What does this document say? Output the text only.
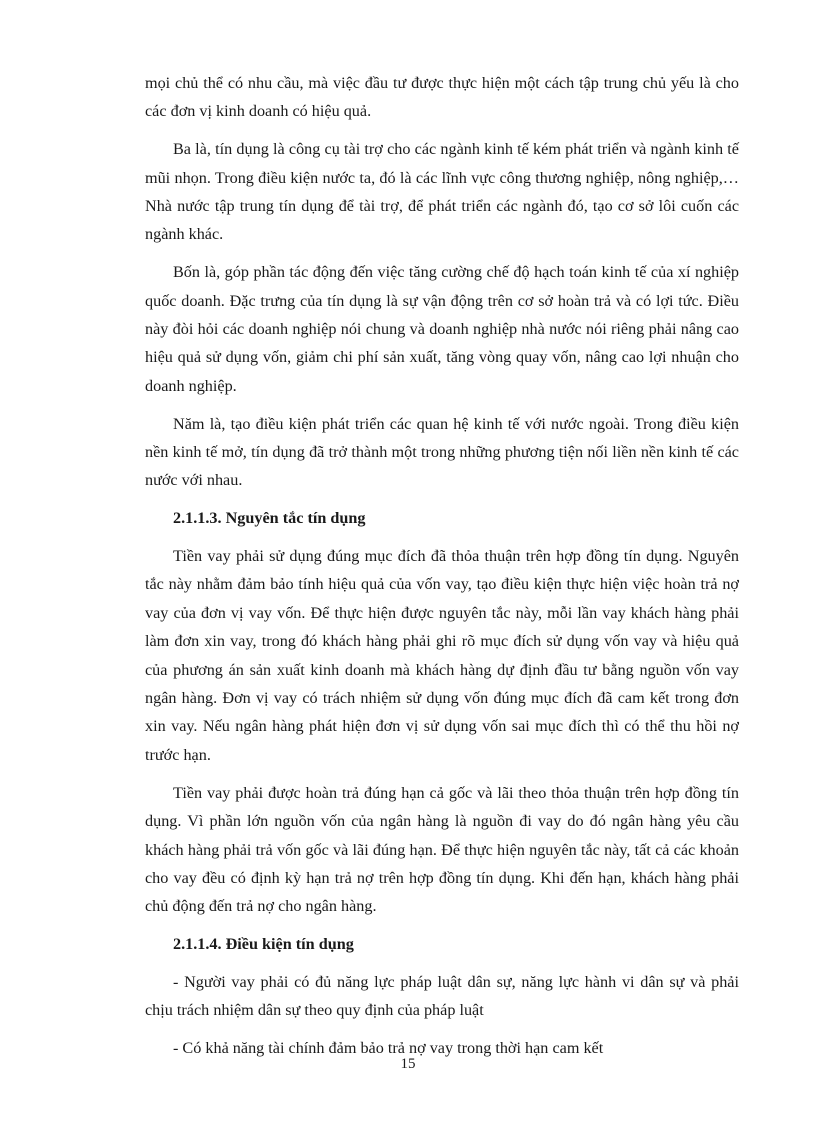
mọi chủ thể có nhu cầu, mà việc đầu tư được thực hiện một cách tập trung chủ yếu là cho các đơn vị kinh doanh có hiệu quả.

Ba là, tín dụng là công cụ tài trợ cho các ngành kinh tế kém phát triển và ngành kinh tế mũi nhọn. Trong điều kiện nước ta, đó là các lĩnh vực công thương nghiệp, nông nghiệp,…Nhà nước tập trung tín dụng để tài trợ, để phát triển các ngành đó, tạo cơ sở lôi cuốn các ngành khác.

Bốn là, góp phần tác động đến việc tăng cường chế độ hạch toán kinh tế của xí nghiệp quốc doanh. Đặc trưng của tín dụng là sự vận động trên cơ sở hoàn trả và có lợi tức. Điều này đòi hỏi các doanh nghiệp nói chung và doanh nghiệp nhà nước nói riêng phải nâng cao hiệu quả sử dụng vốn, giảm chi phí sản xuất, tăng vòng quay vốn, nâng cao lợi nhuận cho doanh nghiệp.

Năm là, tạo điều kiện phát triển các quan hệ kinh tế với nước ngoài. Trong điều kiện nền kinh tế mở, tín dụng đã trở thành một trong những phương tiện nối liền nền kinh tế các nước với nhau.

2.1.1.3. Nguyên tắc tín dụng

Tiền vay phải sử dụng đúng mục đích đã thỏa thuận trên hợp đồng tín dụng. Nguyên tắc này nhằm đảm bảo tính hiệu quả của vốn vay, tạo điều kiện thực hiện việc hoàn trả nợ vay của đơn vị vay vốn. Để thực hiện được nguyên tắc này, mỗi lần vay khách hàng phải làm đơn xin vay, trong đó khách hàng phải ghi rõ mục đích sử dụng vốn vay và hiệu quả của phương án sản xuất kinh doanh mà khách hàng dự định đầu tư bằng nguồn vốn vay ngân hàng. Đơn vị vay có trách nhiệm sử dụng vốn đúng mục đích đã cam kết trong đơn xin vay. Nếu ngân hàng phát hiện đơn vị sử dụng vốn sai mục đích thì có thể thu hồi nợ trước hạn.

Tiền vay phải được hoàn trả đúng hạn cả gốc và lãi theo thỏa thuận trên hợp đồng tín dụng. Vì phần lớn nguồn vốn của ngân hàng là nguồn đi vay do đó ngân hàng yêu cầu khách hàng phải trả vốn gốc và lãi đúng hạn. Để thực hiện nguyên tắc này, tất cả các khoản cho vay đều có định kỳ hạn trả nợ trên hợp đồng tín dụng. Khi đến hạn, khách hàng phải chủ động đến trả nợ cho ngân hàng.

2.1.1.4. Điều kiện tín dụng

- Người vay phải có đủ năng lực pháp luật dân sự, năng lực hành vi dân sự và phải chịu trách nhiệm dân sự theo quy định của pháp luật

- Có khả năng tài chính đảm bảo trả nợ vay trong thời hạn cam kết

15
